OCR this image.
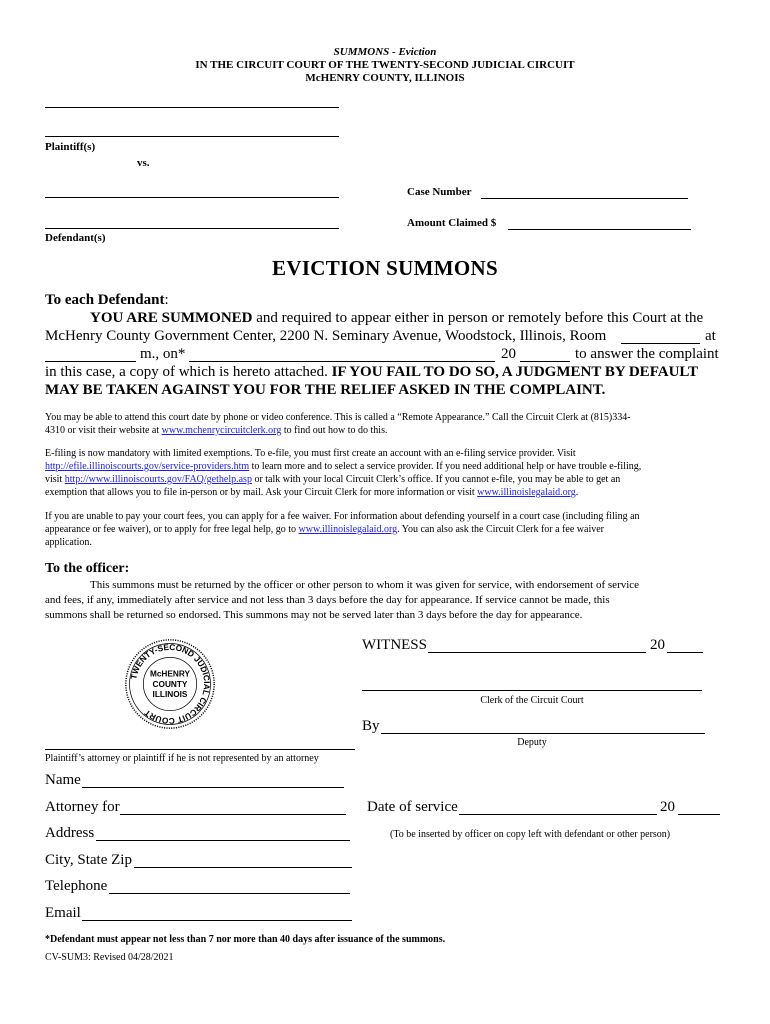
SUMMONS - Eviction
IN THE CIRCUIT COURT OF THE TWENTY-SECOND JUDICIAL CIRCUIT
McHENRY COUNTY, ILLINOIS
Plaintiff(s)
vs.
Defendant(s)
Case Number
Amount Claimed $
EVICTION SUMMONS
To each Defendant:
YOU ARE SUMMONED and required to appear either in person or remotely before this Court at the
McHenry County Government Center, 2200 N. Seminary Avenue, Woodstock, Illinois, Room	at
m., on*	20	to answer the complaint
in this case, a copy of which is hereto attached. IF YOU FAIL TO DO SO, A JUDGMENT BY DEFAULT
MAY BE TAKEN AGAINST YOU FOR THE RELIEF ASKED IN THE COMPLAINT.
You may be able to attend this court date by phone or video conference. This is called a “Remote Appearance.” Call the Circuit Clerk at (815)334-
4310 or visit their website at www.mchenrycircuitclerk.org to find out how to do this.
E-filing is now mandatory with limited exemptions. To e-file, you must first create an account with an e-filing service provider. Visit
http://efile.illinoiscourts.gov/service-providers.htm to learn more and to select a service provider. If you need additional help or have trouble e-filing,
visit http://www.illinoiscourts.gov/FAQ/gethelp.asp or talk with your local Circuit Clerk’s office. If you cannot e-file, you may be able to get an
exemption that allows you to file in-person or by mail. Ask your Circuit Clerk for more information or visit www.illinoislegalaid.org.
If you are unable to pay your court fees, you can apply for a fee waiver. For information about defending yourself in a court case (including filing an
appearance or fee waiver), or to apply for free legal help, go to www.illinoislegalaid.org. You can also ask the Circuit Clerk for a fee waiver
application.
To the officer:
This summons must be returned by the officer or other person to whom it was given for service, with endorsement of service
and fees, if any, immediately after service and not less than 3 days before the day for appearance. If service cannot be made, this
summons shall be returned so endorsed. This summons may not be served later than 3 days before the day for appearance.
TWENTY-SECOND JUDICIAL CIRCUIT COURT
McHENRY
COUNTY
ILLINOIS
WITNESS	20
Clerk of the Circuit Court
By
Deputy
Plaintiff’s attorney or plaintiff if he is not represented by an attorney
Name
Attorney for	Date of service	20
Address	(To be inserted by officer on copy left with defendant or other person)
City, State Zip
Telephone
Email
*Defendant must appear not less than 7 nor more than 40 days after issuance of the summons.
CV-SUM3: Revised 04/28/2021
